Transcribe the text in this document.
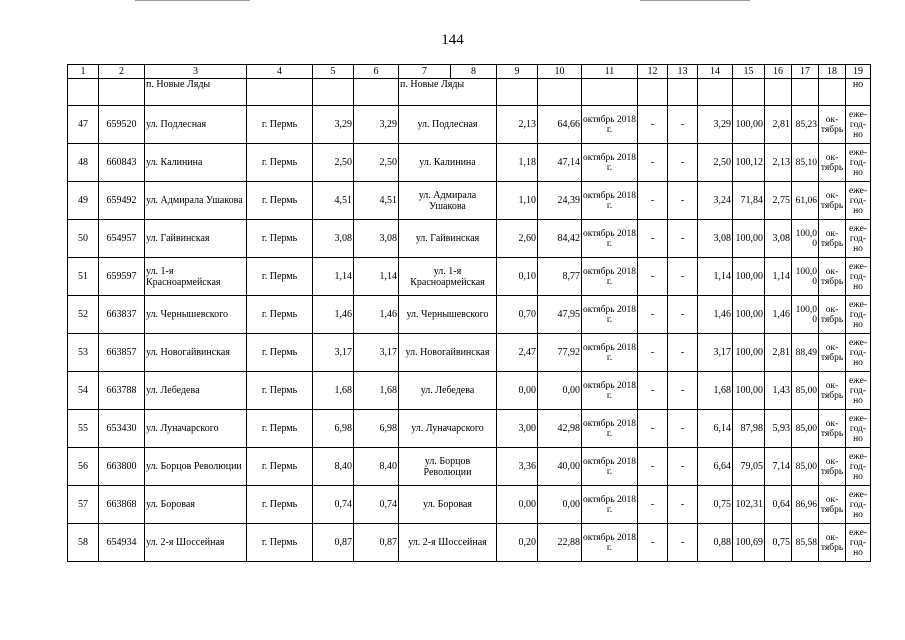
144
1	2	3	4	5	6	7	8	9	10	11	12	13	14	15	16	17	18	19
		п. Новые Ляды				п. Новые Ляды												но
47	659520	ул. Подлесная	г. Пермь	3,29	3,29	ул. Подлесная		2,13	64,66	октябрь 2018 г.	-	-	3,29	100,00	2,81	85,23	ок-тябрь	еже-год-но
48	660843	ул. Калинина	г. Пермь	2,50	2,50	ул. Калинина		1,18	47,14	октябрь 2018 г.	-	-	2,50	100,12	2,13	85,10	ок-тябрь	еже-год-но
49	659492	ул. Адмирала Ушакова	г. Пермь	4,51	4,51	ул. Адмирала Ушакова		1,10	24,39	октябрь 2018 г.	-	-	3,24	71,84	2,75	61,06	ок-тябрь	еже-год-но
50	654957	ул. Гайвинская	г. Пермь	3,08	3,08	ул. Гайвинская		2,60	84,42	октябрь 2018 г.	-	-	3,08	100,00	3,08	100,0 0	ок-тябрь	еже-год-но
51	659597	ул. 1-я Красноармейская	г. Пермь	1,14	1,14	ул. 1-я Красноармейская		0,10	8,77	октябрь 2018 г.	-	-	1,14	100,00	1,14	100,0 0	ок-тябрь	еже-год-но
52	663837	ул. Чернышевского	г. Пермь	1,46	1,46	ул. Чернышевского		0,70	47,95	октябрь 2018 г.	-	-	1,46	100,00	1,46	100,0 0	ок-тябрь	еже-год-но
53	663857	ул. Новогайвинская	г. Пермь	3,17	3,17	ул. Новогайвинская		2,47	77,92	октябрь 2018 г.	-	-	3,17	100,00	2,81	88,49	ок-тябрь	еже-год-но
54	663788	ул. Лебедева	г. Пермь	1,68	1,68	ул. Лебедева		0,00	0,00	октябрь 2018 г.	-	-	1,68	100,00	1,43	85,00	ок-тябрь	еже-год-но
55	653430	ул. Луначарского	г. Пермь	6,98	6,98	ул. Луначарского		3,00	42,98	октябрь 2018 г.	-	-	6,14	87,98	5,93	85,00	ок-тябрь	еже-год-но
56	663800	ул. Борцов Революции	г. Пермь	8,40	8,40	ул. Борцов Революции		3,36	40,00	октябрь 2018 г.	-	-	6,64	79,05	7,14	85,00	ок-тябрь	еже-год-но
57	663868	ул. Боровая	г. Пермь	0,74	0,74	ул. Боровая		0,00	0,00	октябрь 2018 г.	-	-	0,75	102,31	0,64	86,96	ок-тябрь	еже-год-но
58	654934	ул. 2-я Шоссейная	г. Пермь	0,87	0,87	ул. 2-я Шоссейная		0,20	22,88	октябрь 2018 г.	-	-	0,88	100,69	0,75	85,58	ок-тябрь	еже-год-но
